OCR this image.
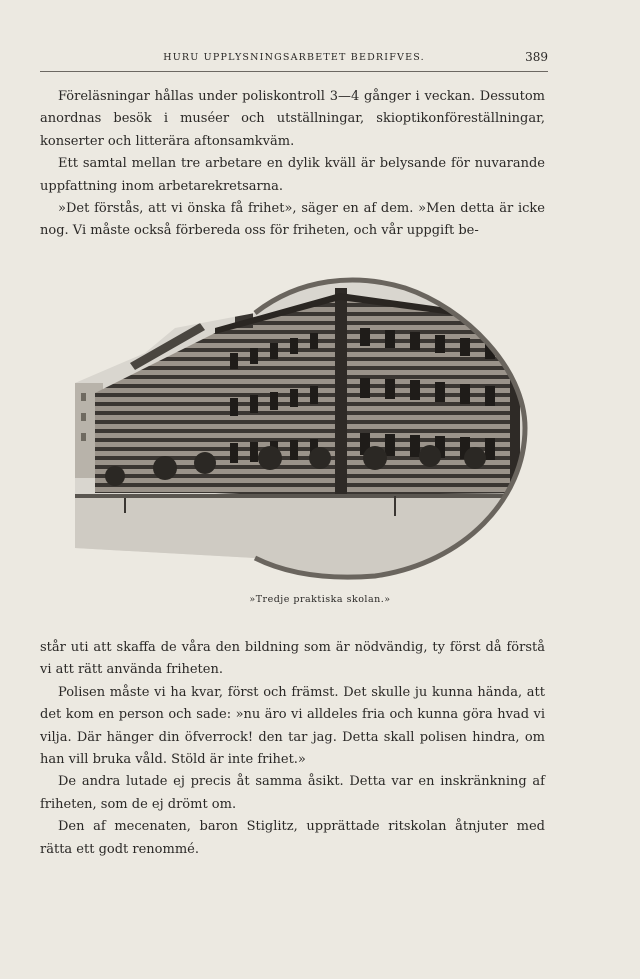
HURU UPPLYSNINGSARBETET BEDRIFVES.	389

Föreläsningar hållas under poliskontroll 3—4 gånger i veckan. Dessutom anordnas besök i muséer och utställningar, skioptikonföreställningar, konserter och litterära aftonsamkväm.

Ett samtal mellan tre arbetare en dylik kväll är belysande för nuvarande uppfattning inom arbetarekretsarna.

»Det förstås, att vi önska få frihet», säger en af dem. »Men detta är icke nog. Vi måste också förbereda oss för friheten, och vår uppgift be-

»Tredje praktiska skolan.»

står uti att skaffa de våra den bildning som är nödvändig, ty först då förstå vi att rätt använda friheten.

Polisen måste vi ha kvar, först och främst. Det skulle ju kunna hända, att det kom en person och sade: »nu äro vi alldeles fria och kunna göra hvad vi vilja. Där hänger din öfverrock! den tar jag. Detta skall polisen hindra, om han vill bruka våld. Stöld är inte frihet.»

De andra lutade ej precis åt samma åsikt. Detta var en inskränkning af friheten, som de ej drömt om.

Den af mecenaten, baron Stiglitz, upprättade ritskolan åtnjuter med rätta ett godt renommé.
